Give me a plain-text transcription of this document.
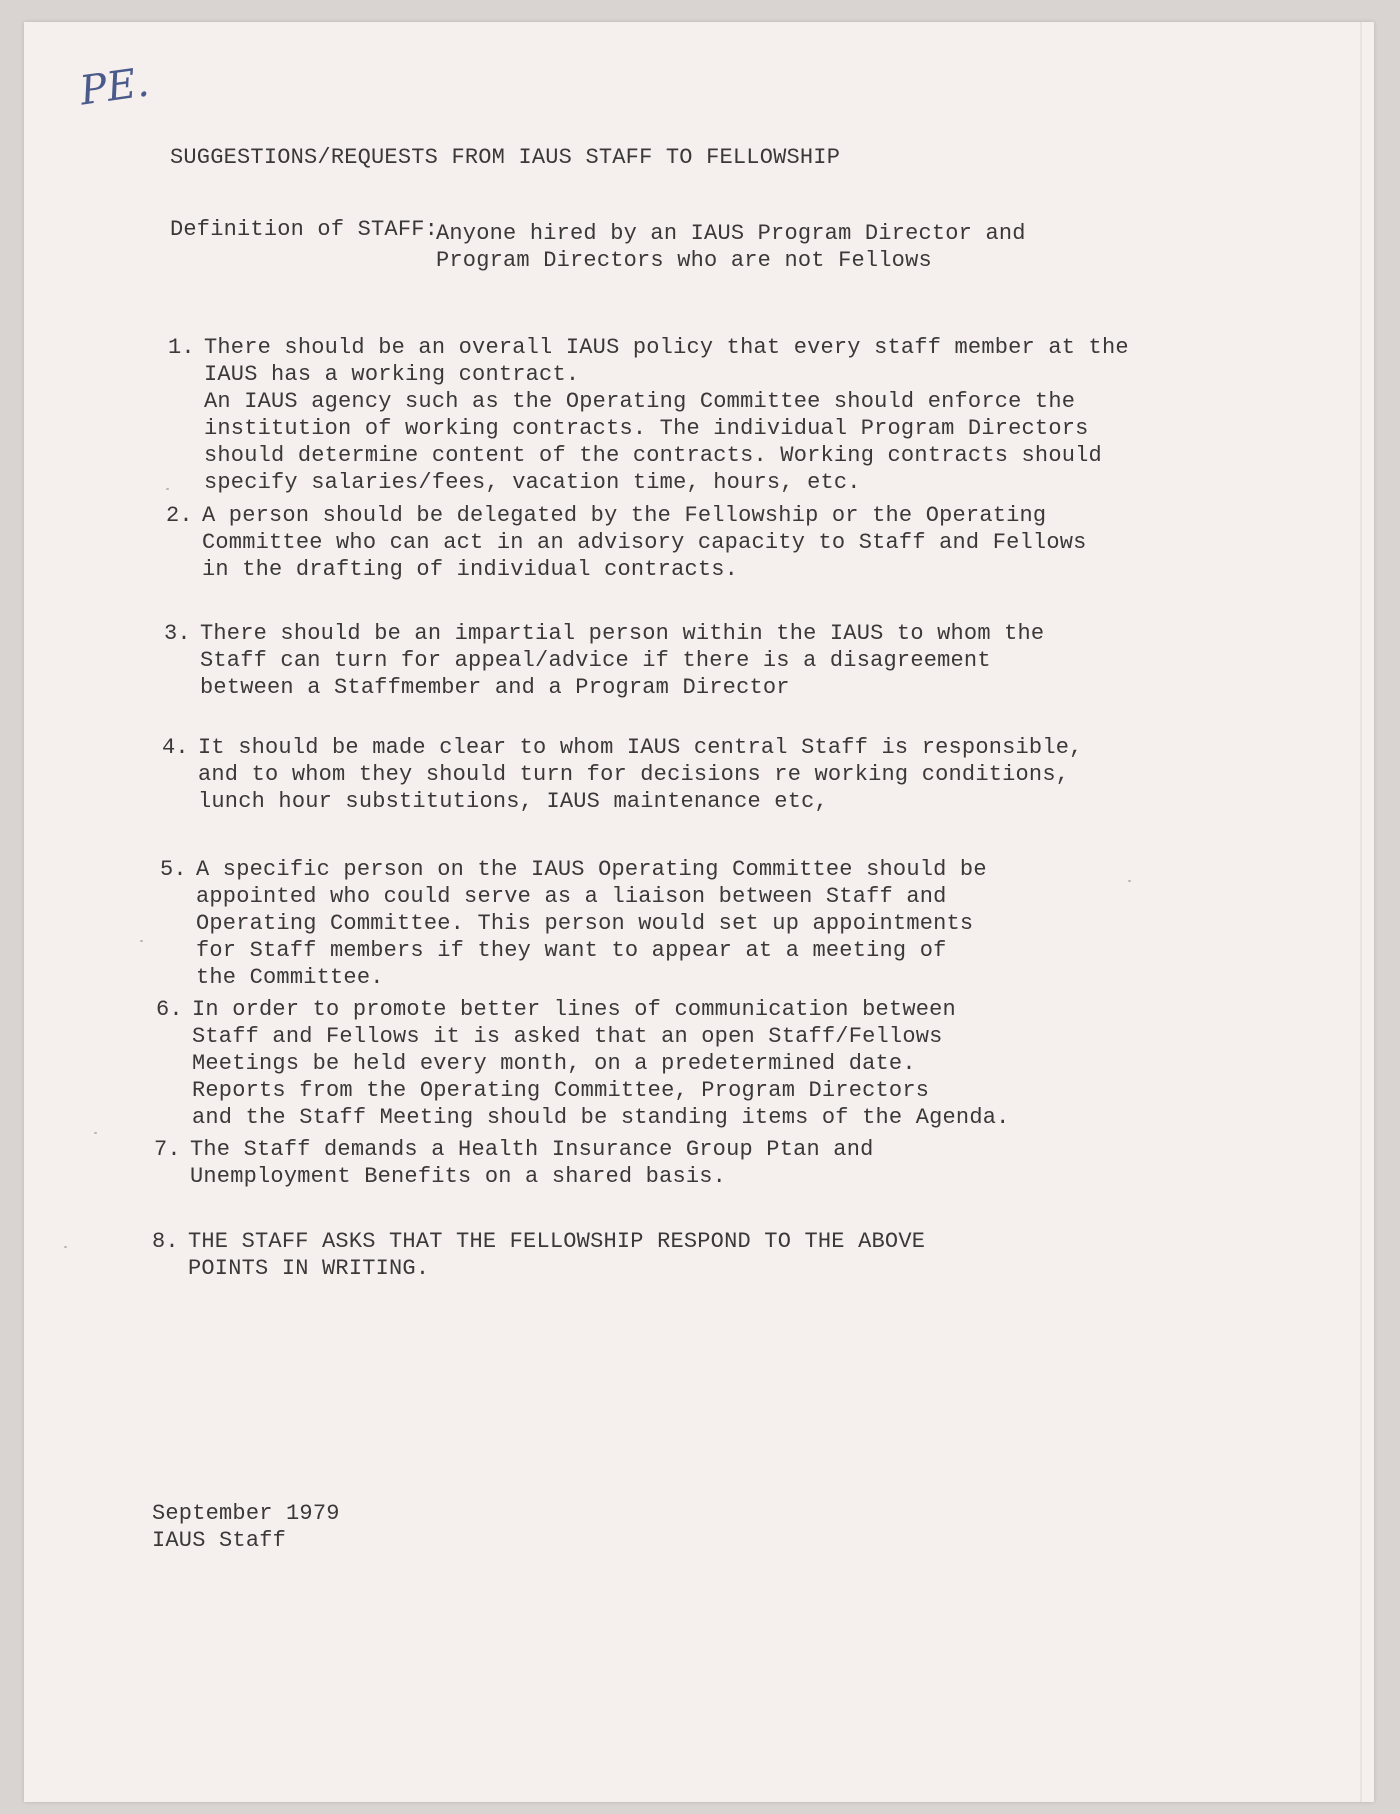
PE.
SUGGESTIONS/REQUESTS FROM IAUS STAFF TO FELLOWSHIP
Definition of STAFF:
Anyone hired by an IAUS Program Director and
Program Directors who are not Fellows
1. There should be an overall IAUS policy that every staff member at the
IAUS has a working contract.
An IAUS agency such as the Operating Committee should enforce the
institution of working contracts. The individual Program Directors
should determine content of the contracts. Working contracts should
specify salaries/fees, vacation time, hours, etc.
2. A person should be delegated by the Fellowship or the Operating
Committee who can act in an advisory capacity to Staff and Fellows
in the drafting of individual contracts.
3. There should be an impartial person within the IAUS to whom the
Staff can turn for appeal/advice if there is a disagreement
between a Staffmember and a Program Director
4. It should be made clear to whom IAUS central Staff is responsible,
and to whom they should turn for decisions re working conditions,
lunch hour substitutions, IAUS maintenance etc,
5. A specific person on the IAUS Operating Committee should be
appointed who could serve as a liaison between Staff and
Operating Committee. This person would set up appointments
for Staff members if they want to appear at a meeting of
the Committee.
6. In order to promote better lines of communication between
Staff and Fellows it is asked that an open Staff/Fellows
Meetings be held every month, on a predetermined date.
Reports from the Operating Committee, Program Directors
and the Staff Meeting should be standing items of the Agenda.
7. The Staff demands a Health Insurance Group Ptan and
Unemployment Benefits on a shared basis.
8. THE STAFF ASKS THAT THE FELLOWSHIP RESPOND TO THE ABOVE
POINTS IN WRITING.
September 1979
IAUS Staff
